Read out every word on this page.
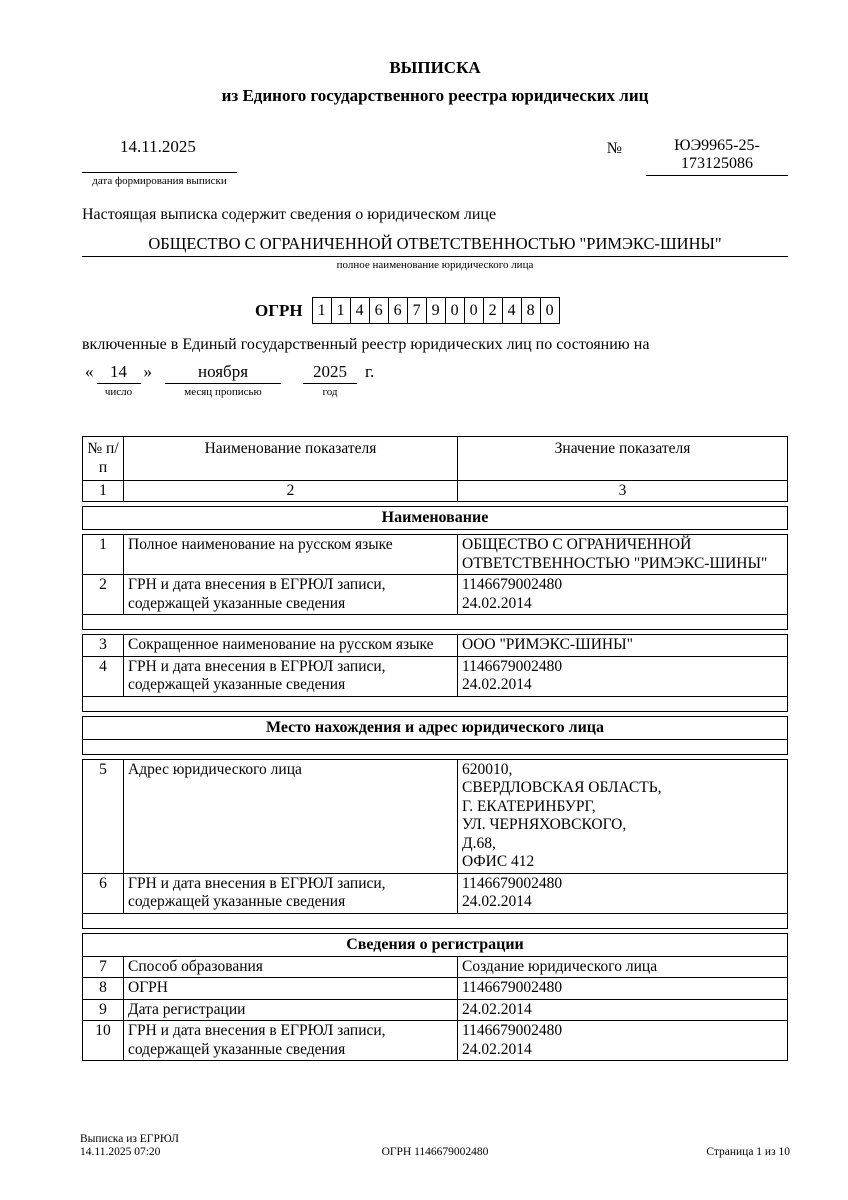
ВЫПИСКА
из Единого государственного реестра юридических лиц
14.11.2025
дата формирования выписки
№	ЮЭ9965-25-
173125086
Настоящая выписка содержит сведения о юридическом лице
ОБЩЕСТВО С ОГРАНИЧЕННОЙ ОТВЕТСТВЕННОСТЬЮ "РИМЭКС-ШИНЫ"
полное наименование юридического лица
ОГРН 1 1 4 6 6 7 9 0 0 2 4 8 0
включенные в Единый государственный реестр юридических лиц по состоянию на
« 14
число
»	ноября
месяц прописью
2025
год
г.
№ п/п	Наименование показателя	Значение показателя
1	2	3
Наименование
1	Полное наименование на русском языке	ОБЩЕСТВО С ОГРАНИЧЕННОЙ ОТВЕТСТВЕННОСТЬЮ "РИМЭКС-ШИНЫ"

2	ГРН и дата внесения в ЕГРЮЛ записи, содержащей указанные сведения	1146679002480
24.02.2014

3	Сокращенное наименование на русском языке	ООО "РИМЭКС-ШИНЫ"

4	ГРН и дата внесения в ЕГРЮЛ записи, содержащей указанные сведения	1146679002480
24.02.2014

Место нахождения и адрес юридического лица

5	Адрес юридического лица	620010,
СВЕРДЛОВСКАЯ ОБЛАСТЬ,
Г. ЕКАТЕРИНБУРГ,
УЛ. ЧЕРНЯХОВСКОГО,
Д.68,
ОФИС 412

6	ГРН и дата внесения в ЕГРЮЛ записи, содержащей указанные сведения	1146679002480
24.02.2014

Сведения о регистрации		
7	Способ образования	Создание юридического лица

8	ОГРН	1146679002480

9	Дата регистрации	24.02.2014

10	ГРН и дата внесения в ЕГРЮЛ записи, содержащей указанные сведения	1146679002480
24.02.2014
Выписка из ЕГРЮЛ
14.11.2025 07:20	ОГРН 1146679002480	Страница 1 из 10
